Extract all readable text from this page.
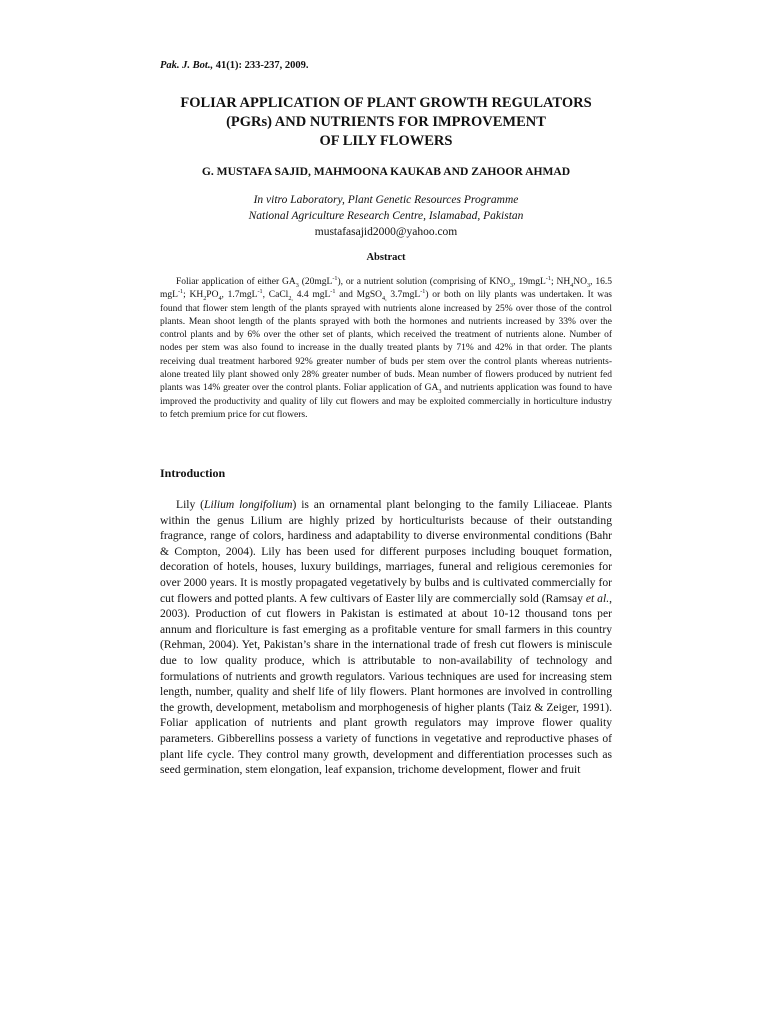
Pak. J. Bot., 41(1): 233-237, 2009.
FOLIAR APPLICATION OF PLANT GROWTH REGULATORS
(PGRs) AND NUTRIENTS FOR IMPROVEMENT
OF LILY FLOWERS
G. MUSTAFA SAJID, MAHMOONA KAUKAB AND ZAHOOR AHMAD
In vitro Laboratory, Plant Genetic Resources Programme
National Agriculture Research Centre, Islamabad, Pakistan
mustafasajid2000@yahoo.com
Abstract
Foliar application of either $GA_3$ (20mgL$^{-1}$), or a nutrient solution (comprising of $KNO_3$, 19mgL$^{-1}$; $NH_4NO_3$, 16.5 mgL$^{-1}$; $KH_2PO_4$, 1.7mgL$^{-1}$, CaCl$_{2,}$ 4.4 mgL$^{-1}$ and MgSO$_{4,}$ 3.7mgL$^{-1}$) or both on lily plants was undertaken. It was found that flower stem length of the plants sprayed with nutrients alone increased by 25% over those of the control plants. Mean shoot length of the plants sprayed with both the hormones and nutrients increased by 33% over the control plants and by 6% over the other set of plants, which received the treatment of nutrients alone. Number of nodes per stem was also found to increase in the dually treated plants by 71% and 42% in that order. The plants receiving dual treatment harbored 92% greater number of buds per stem over the control plants whereas nutrients- alone treated lily plant showed only 28% greater number of buds. Mean number of flowers produced by nutrient fed plants was 14% greater over the control plants. Foliar application of $GA_3$ and nutrients application was found to have improved the productivity and quality of lily cut flowers and may be exploited commercially in horticulture industry to fetch premium price for cut flowers.
Introduction
Lily (Lilium longifolium) is an ornamental plant belonging to the family Liliaceae. Plants within the genus Lilium are highly prized by horticulturists because of their outstanding fragrance, range of colors, hardiness and adaptability to diverse environmental conditions (Bahr & Compton, 2004). Lily has been used for different purposes including bouquet formation, decoration of hotels, houses, luxury buildings, marriages, funeral and religious ceremonies for over 2000 years. It is mostly propagated vegetatively by bulbs and is cultivated commercially for cut flowers and potted plants. A few cultivars of Easter lily are commercially sold (Ramsay et al., 2003). Production of cut flowers in Pakistan is estimated at about 10-12 thousand tons per annum and floriculture is fast emerging as a profitable venture for small farmers in this country (Rehman, 2004). Yet, Pakistan’s share in the international trade of fresh cut flowers is miniscule due to low quality produce, which is attributable to non-availability of technology and formulations of nutrients and growth regulators. Various techniques are used for increasing stem length, number, quality and shelf life of lily flowers. Plant hormones are involved in controlling the growth, development, metabolism and morphogenesis of higher plants (Taiz & Zeiger, 1991). Foliar application of nutrients and plant growth regulators may improve flower quality parameters. Gibberellins possess a variety of functions in vegetative and reproductive phases of plant life cycle. They control many growth, development and differentiation processes such as seed germination, stem elongation, leaf expansion, trichome development, flower and fruit
